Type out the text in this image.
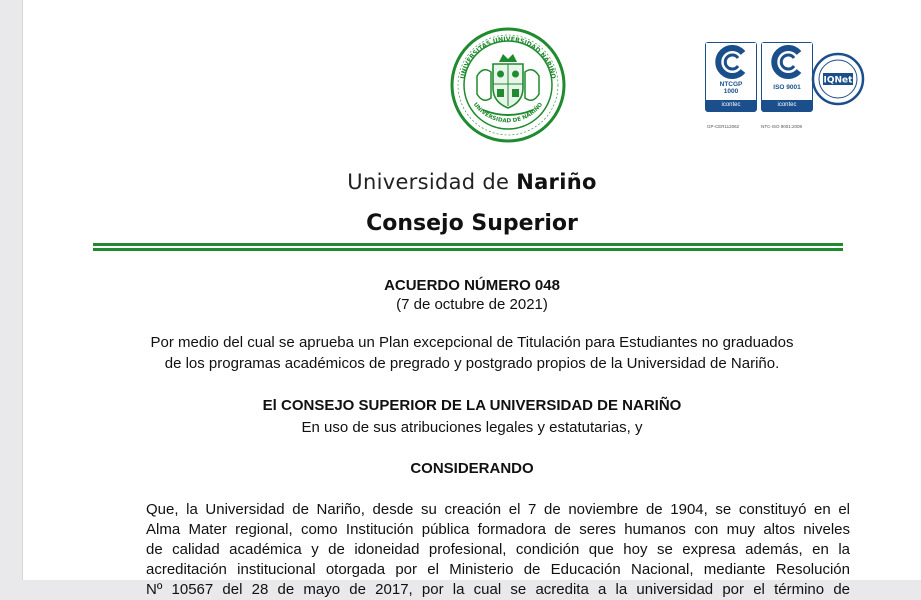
UNIVERSITAS UNIVERSIDAD NARIÑO
UNIVERSIDAD DE NARIÑO
NTCGP
1000
icontec
GP-CER112062
ISO 9001
icontec
NTC-ISO 9001:2008
IQNet
Universidad de Nariño
Consejo Superior
ACUERDO NÚMERO 048
(7 de octubre de 2021)
Por medio del cual se aprueba un Plan excepcional de Titulación para Estudiantes no graduados
de los programas académicos de pregrado y postgrado propios de la Universidad de Nariño.
El CONSEJO SUPERIOR DE LA UNIVERSIDAD DE NARIÑO
En uso de sus atribuciones legales y estatutarias, y
CONSIDERANDO
Que, la Universidad de Nariño, desde su creación el 7 de noviembre de 1904, se constituyó en el
Alma Mater regional, como Institución pública formadora de seres humanos con muy altos niveles
de calidad académica y de idoneidad profesional, condición que hoy se expresa además, en la
acreditación institucional otorgada por el Ministerio de Educación Nacional, mediante Resolución
Nº 10567 del 28 de mayo de 2017, por la cual se acredita a la universidad por el término de
